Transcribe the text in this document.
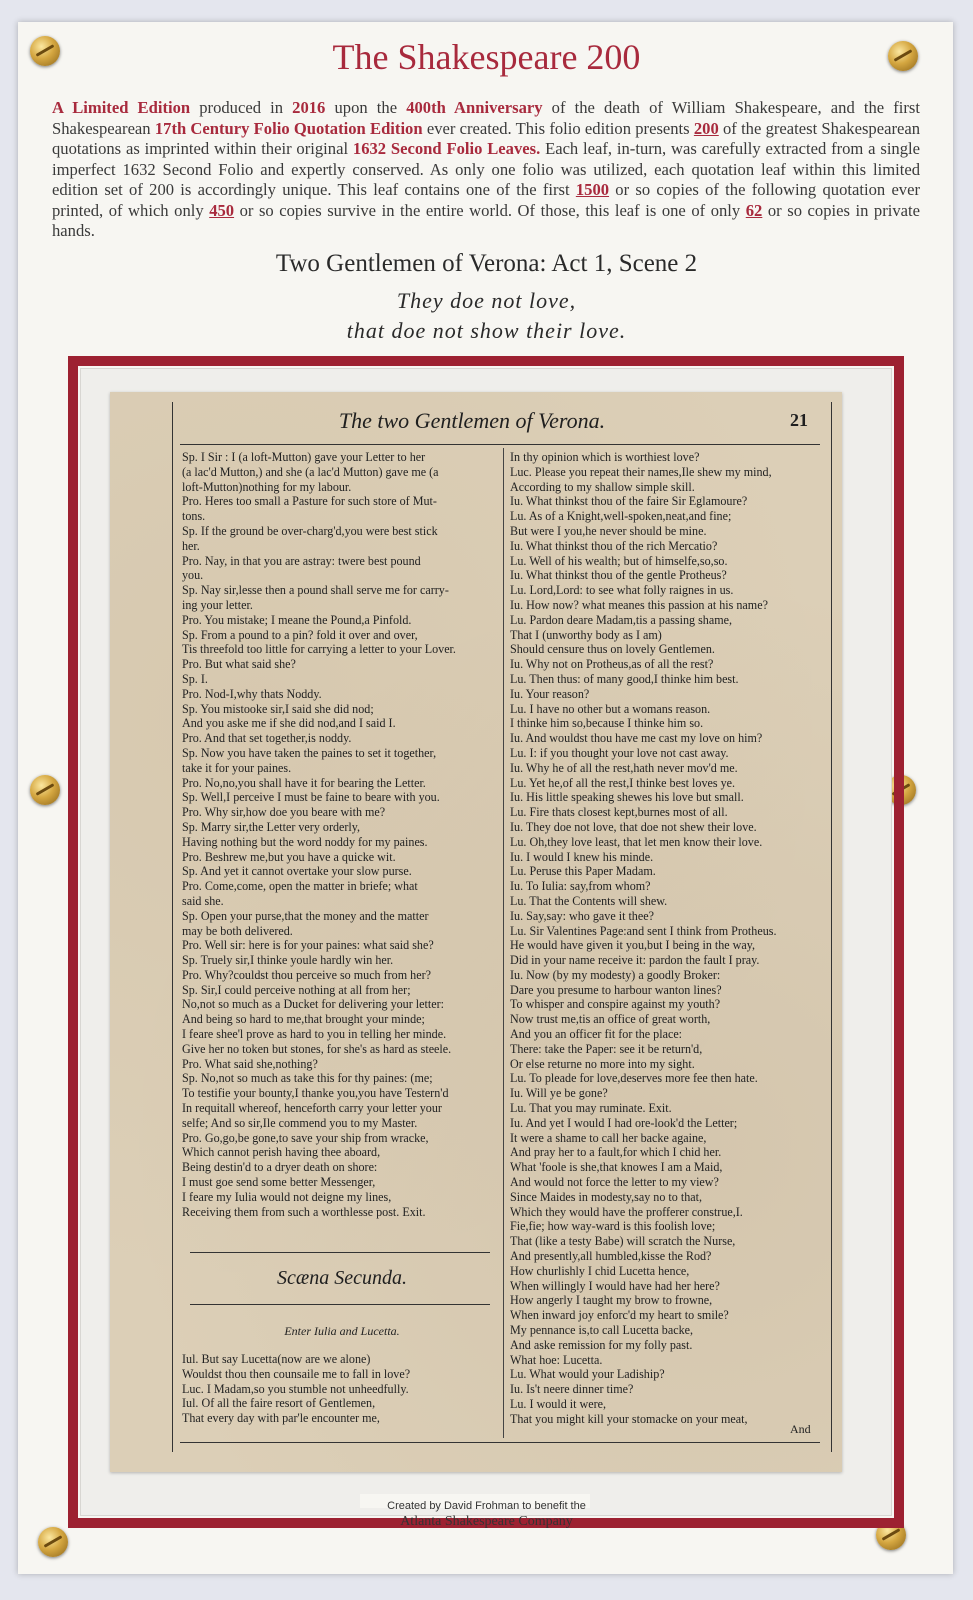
The Shakespeare 200
A Limited Edition produced in 2016 upon the 400th Anniversary of the death of William Shakespeare, and the first Shakespearean 17th Century Folio Quotation Edition ever created. This folio edition presents 200 of the greatest Shakespearean quotations as imprinted within their original 1632 Second Folio Leaves. Each leaf, in-turn, was carefully extracted from a single imperfect 1632 Second Folio and expertly conserved. As only one folio was utilized, each quotation leaf within this limited edition set of 200 is accordingly unique. This leaf contains one of the first 1500 or so copies of the following quotation ever printed, of which only 450 or so copies survive in the entire world. Of those, this leaf is one of only 62 or so copies in private hands.
Two Gentlemen of Verona: Act 1, Scene 2
They doe not love,
that doe not show their love.
The two Gentlemen of Verona.	21
Sp. I Sir : I (a loft-Mutton) gave your Letter to her
(a lac'd Mutton,) and she (a lac'd Mutton) gave me (a
loft-Mutton)nothing for my labour.
Pro. Heres too small a Pasture for such store of Mut-
tons.
Sp. If the ground be over-charg'd,you were best stick
her.
Pro. Nay, in that you are astray: twere best pound
you.
Sp. Nay sir,lesse then a pound shall serve me for carry-
ing your letter.
Pro. You mistake; I meane the Pound,a Pinfold.
Sp. From a pound to a pin? fold it over and over,
Tis threefold too little for carrying a letter to your Lover.
Pro. But what said she?
Sp. I.
Pro. Nod-I,why thats Noddy.
Sp. You mistooke sir,I said she did nod;
And you aske me if she did nod,and I said I.
Pro. And that set together,is noddy.
Sp. Now you have taken the paines to set it together,
take it for your paines.
Pro. No,no,you shall have it for bearing the Letter.
Sp. Well,I perceive I must be faine to beare with you.
Pro. Why sir,how doe you beare with me?
Sp. Marry sir,the Letter very orderly,
Having nothing but the word noddy for my paines.
Pro. Beshrew me,but you have a quicke wit.
Sp. And yet it cannot overtake your slow purse.
Pro. Come,come, open the matter in briefe; what
said she.
Sp. Open your purse,that the money and the matter
may be both delivered.
Pro. Well sir: here is for your paines: what said she?
Sp. Truely sir,I thinke youle hardly win her.
Pro. Why?couldst thou perceive so much from her?
Sp. Sir,I could perceive nothing at all from her;
No,not so much as a Ducket for delivering your letter:
And being so hard to me,that brought your minde;
I feare shee'l prove as hard to you in telling her minde.
Give her no token but stones, for she's as hard as steele.
Pro. What said she,nothing?
Sp. No,not so much as take this for thy paines: (me;
To testifie your bounty,I thanke you,you have Testern'd
In requitall whereof, henceforth carry your letter your
selfe; And so sir,Ile commend you to my Master.
Pro. Go,go,be gone,to save your ship from wracke,
Which cannot perish having thee aboard,
Being destin'd to a dryer death on shore:
I must goe send some better Messenger,
I feare my Iulia would not deigne my lines,
Receiving them from such a worthlesse post. Exit.
Scæna Secunda.
Enter Iulia and Lucetta.
Iul. But say Lucetta(now are we alone)
Wouldst thou then counsaile me to fall in love?
Luc. I Madam,so you stumble not unheedfully.
Iul. Of all the faire resort of Gentlemen,
That every day with par'le encounter me,
In thy opinion which is worthiest love?
Luc. Please you repeat their names,Ile shew my mind,
According to my shallow simple skill.
Iu. What thinkst thou of the faire Sir Eglamoure?
Lu. As of a Knight,well-spoken,neat,and fine;
But were I you,he never should be mine.
Iu. What thinkst thou of the rich Mercatio?
Lu. Well of his wealth; but of himselfe,so,so.
Iu. What thinkst thou of the gentle Protheus?
Lu. Lord,Lord: to see what folly raignes in us.
Iu. How now? what meanes this passion at his name?
Lu. Pardon deare Madam,tis a passing shame,
That I (unworthy body as I am)
Should censure thus on lovely Gentlemen.
Iu. Why not on Protheus,as of all the rest?
Lu. Then thus: of many good,I thinke him best.
Iu. Your reason?
Lu. I have no other but a womans reason.
I thinke him so,because I thinke him so.
Iu. And wouldst thou have me cast my love on him?
Lu. I: if you thought your love not cast away.
Iu. Why he of all the rest,hath never mov'd me.
Lu. Yet he,of all the rest,I thinke best loves ye.
Iu. His little speaking shewes his love but small.
Lu. Fire thats closest kept,burnes most of all.
Iu. They doe not love, that doe not shew their love.
Lu. Oh,they love least, that let men know their love.
Iu. I would I knew his minde.
Lu. Peruse this Paper Madam.
Iu. To Iulia: say,from whom?
Lu. That the Contents will shew.
Iu. Say,say: who gave it thee?
Lu. Sir Valentines Page:and sent I think from Protheus.
He would have given it you,but I being in the way,
Did in your name receive it: pardon the fault I pray.
Iu. Now (by my modesty) a goodly Broker:
Dare you presume to harbour wanton lines?
To whisper and conspire against my youth?
Now trust me,tis an office of great worth,
And you an officer fit for the place:
There: take the Paper: see it be return'd,
Or else returne no more into my sight.
Lu. To pleade for love,deserves more fee then hate.
Iu. Will ye be gone?
Lu. That you may ruminate. Exit.
Iu. And yet I would I had ore-look'd the Letter;
It were a shame to call her backe againe,
And pray her to a fault,for which I chid her.
What 'foole is she,that knowes I am a Maid,
And would not force the letter to my view?
Since Maides in modesty,say no to that,
Which they would have the profferer construe,I.
Fie,fie; how way-ward is this foolish love;
That (like a testy Babe) will scratch the Nurse,
And presently,all humbled,kisse the Rod?
How churlishly I chid Lucetta hence,
When willingly I would have had her here?
How angerly I taught my brow to frowne,
When inward joy enforc'd my heart to smile?
My pennance is,to call Lucetta backe,
And aske remission for my folly past.
What hoe: Lucetta.
Lu. What would your Ladiship?
Iu. Is't neere dinner time?
Lu. I would it were,
That you might kill your stomacke on your meat,
And
Created by David Frohman to benefit the
Atlanta Shakespeare Company
